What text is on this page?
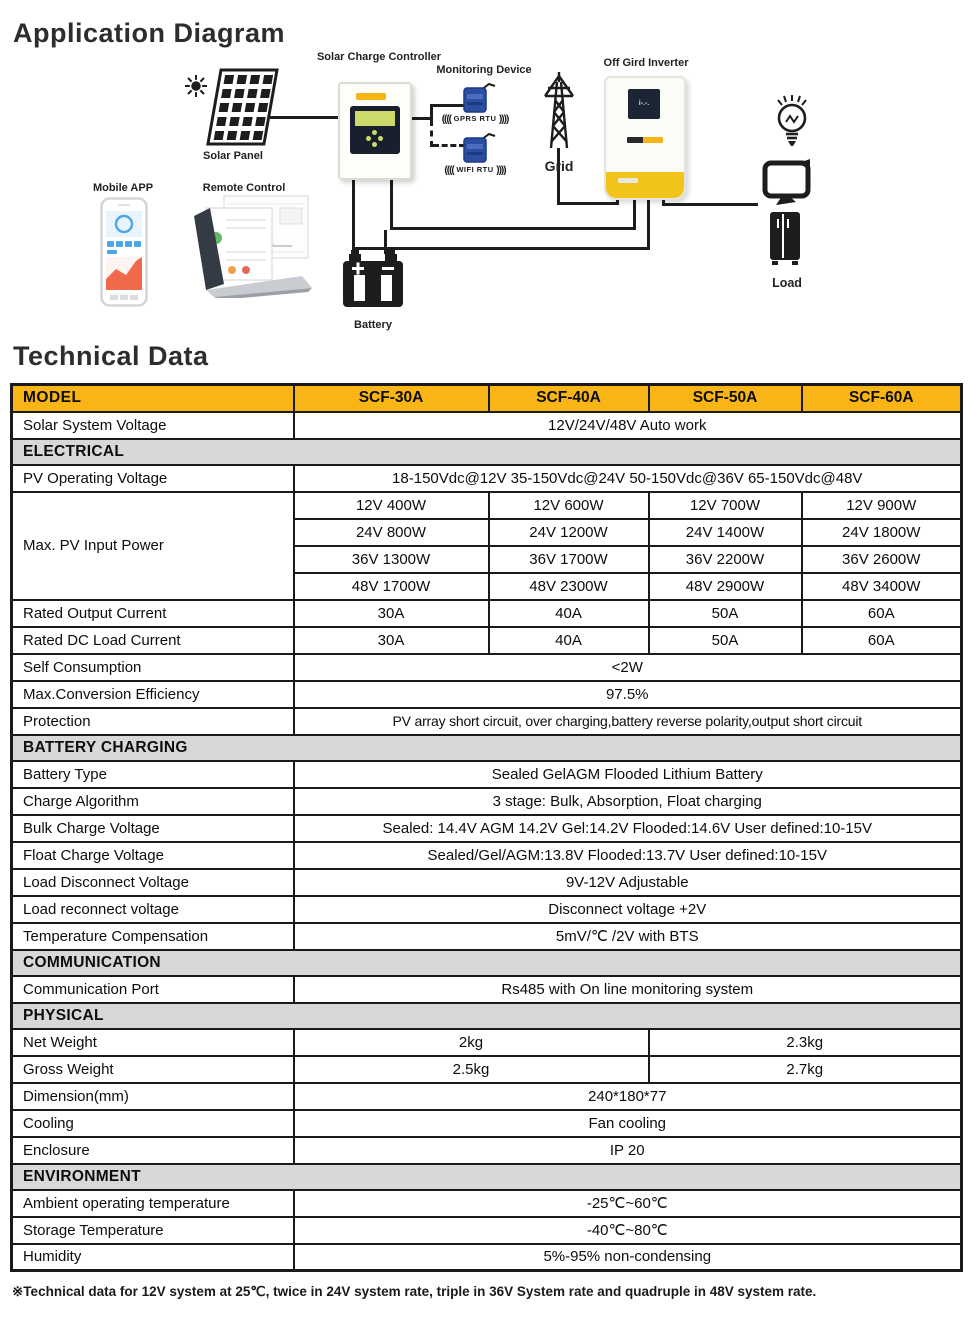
Application Diagram
Solar Panel
Solar Charge Controller
Monitoring Device
(((( GPRS RTU ))))
(((( WIFI RTU ))))	Grid
Off Gird Inverter
i-.-.
Load
Mobile APP	Remote Control
Battery
Technical Data
MODEL	SCF-30A	SCF-40A	SCF-50A	SCF-60A
Solar System Voltage	12V/24V/48V Auto work			
ELECTRICAL				
PV Operating Voltage	18-150Vdc@12V 35-150Vdc@24V 50-150Vdc@36V 65-150Vdc@48V			
Max. PV Input Power	12V 400W	12V 600W	12V 700W	12V 900W
	24V 800W	24V 1200W	24V 1400W	24V 1800W
	36V 1300W	36V 1700W	36V 2200W	36V 2600W
	48V 1700W	48V 2300W	48V 2900W	48V 3400W
Rated Output Current	30A	40A	50A	60A
Rated DC Load Current	30A	40A	50A	60A
Self Consumption	<2W			
Max.Conversion Efficiency	97.5%			
Protection	PV array short circuit, over charging,battery reverse polarity,output short circuit			
BATTERY CHARGING				
Battery Type	Sealed GelAGM Flooded Lithium Battery			
Charge Algorithm	3 stage: Bulk, Absorption, Float charging			
Bulk Charge Voltage	Sealed: 14.4V AGM 14.2V Gel:14.2V Flooded:14.6V User defined:10-15V			
Float Charge Voltage	Sealed/Gel/AGM:13.8V Flooded:13.7V User defined:10-15V			
Load Disconnect Voltage	9V-12V Adjustable			
Load reconnect voltage	Disconnect voltage +2V			
Temperature Compensation	5mV/℃ /2V with BTS			
COMMUNICATION				
Communication Port	Rs485 with On line monitoring system			
PHYSICAL				
Net Weight	2kg		2.3kg	
Gross Weight	2.5kg		2.7kg	
Dimension(mm)	240*180*77			
Cooling	Fan cooling			
Enclosure	IP 20			
ENVIRONMENT				
Ambient operating temperature	-25℃~60℃			
Storage Temperature	-40℃~80℃			
Humidity	5%-95% non-condensing			
※Technical data for 12V system at 25℃, twice in 24V system rate, triple in 36V System rate and quadruple in 48V system rate.
